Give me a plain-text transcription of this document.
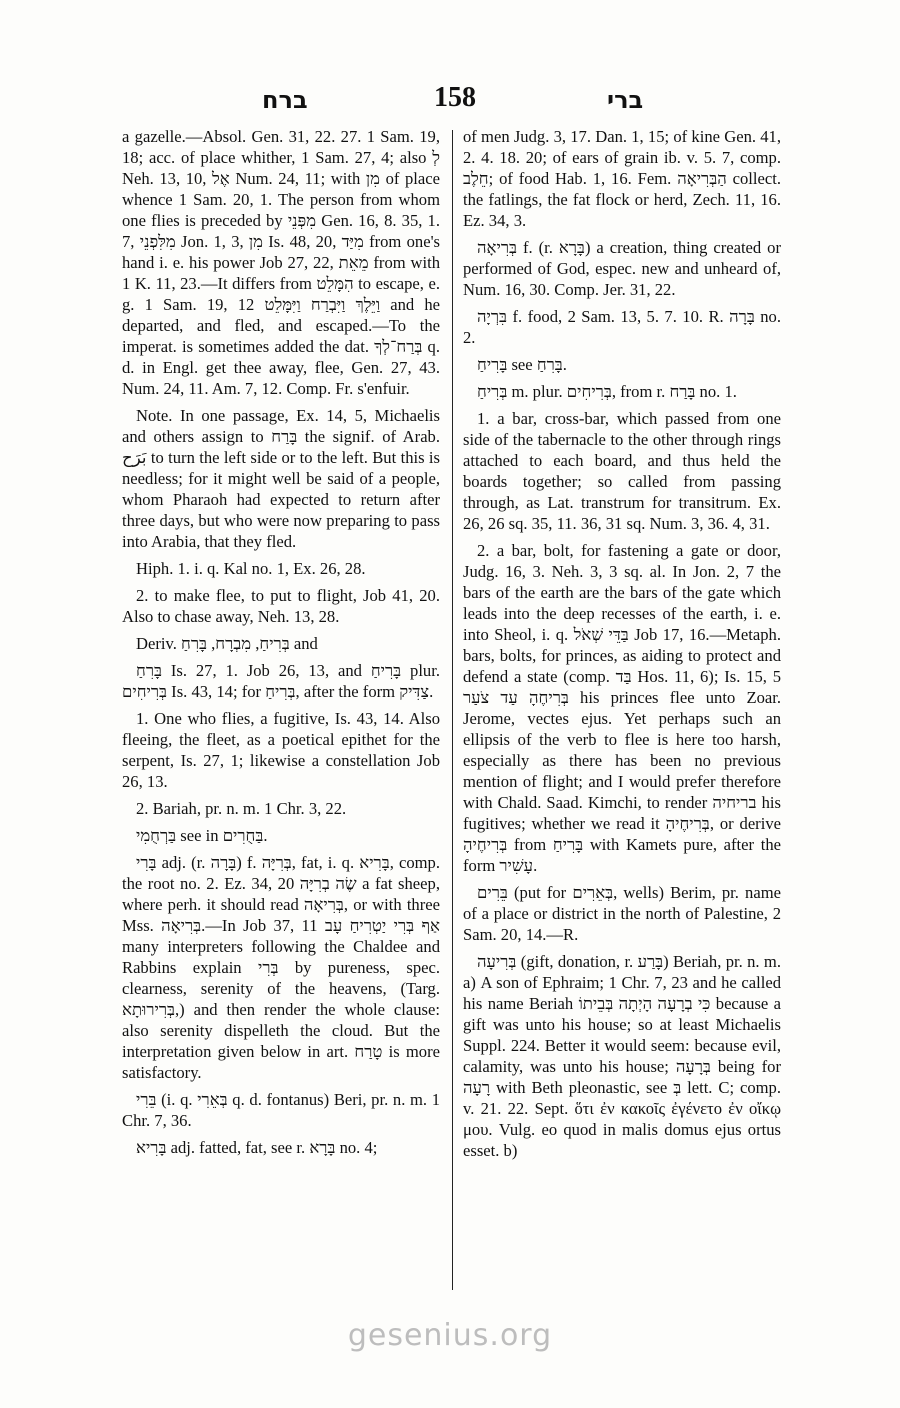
ברח	158	ברי

a gazelle.—Absol. Gen. 31, 22. 27. 1 Sam. 19, 18; acc. of place whither, 1 Sam. 27, 4; also לְ Neh. 13, 10, אֶל Num. 24, 11; with מִן of place whence 1 Sam. 20, 1. The person from whom one flies is preceded by מִפְּנֵי Gen. 16, 8. 35, 1. 7, מִלִּפְנֵי Jon. 1, 3, מִן Is. 48, 20, מִיַּד from one's hand i. e. his power Job 27, 22, מֵאֵת from with 1 K. 11, 23.—It differs from הִמָּלֵט to escape, e. g. 1 Sam. 19, 12 וַיֵּלֶךְ וַיִּבְרַח וַיִּמָּלֵט and he departed, and fled, and escaped.—To the imperat. is sometimes added the dat. בְּרַח־לְךָ q. d. in Engl. get thee away, flee, Gen. 27, 43. Num. 24, 11. Am. 7, 12. Comp. Fr. s'enfuir.

Note. In one passage, Ex. 14, 5, Michaelis and others assign to בָּרַח the signif. of Arab. بَرَح to turn the left side or to the left. But this is needless; for it might well be said of a people, whom Pharaoh had expected to return after three days, but who were now preparing to pass into Arabia, that they fled.

Hiph. 1. i. q. Kal no. 1, Ex. 26, 28.

2. to make flee, to put to flight, Job 41, 20. Also to chase away, Neh. 13, 28.

Deriv. בְּרִיחַ, מִבְרָח, בָּרִחַ and

בָּרִחַ Is. 27, 1. Job 26, 13, and בָּרִיחַ plur. בְּרִיחִים Is. 43, 14; for בְּרִיחַ, after the form צַדִּיק.

1. One who flies, a fugitive, Is. 43, 14. Also fleeing, the fleet, as a poetical epithet for the serpent, Is. 27, 1; likewise a constellation Job 26, 13.

2. Bariah, pr. n. m. 1 Chr. 3, 22.

בַּרְחֻמִי see in בַּחֻרִים.

בָּרִי adj. (r. בָּרָה) f. בְּרִיָּה, fat, i. q. בָּרִיא, comp. the root no. 2. Ez. 34, 20 שֶׂה בְרִיָּה a fat sheep, where perh. it should read בְּרִיאָה, or with three Mss. בְּרִיאָה.—In Job 37, 11 אַף בְּרִי יַטְרִיחַ עָב many interpreters following the Chaldee and Rabbins explain בְּרִי by pureness, spec. clearness, serenity of the heavens, (Targ. בְּרִירוּתָא,) and then render the whole clause: also serenity dispelleth the cloud. But the interpretation given below in art. טָרַח is more satisfactory.

בֵּרִי (i. q. בְּאֵרִי q. d. fontanus) Beri, pr. n. m. 1 Chr. 7, 36.

בָּרִיא adj. fatted, fat, see r. בָּרָא no. 4;

of men Judg. 3, 17. Dan. 1, 15; of kine Gen. 41, 2. 4. 18. 20; of ears of grain ib. v. 5. 7, comp. חֵלֶב; of food Hab. 1, 16. Fem. הַבְּרִיאָה collect. the fatlings, the fat flock or herd, Zech. 11, 16. Ez. 34, 3.

בְּרִיאָה f. (r. בָּרָא) a creation, thing created or performed of God, espec. new and unheard of, Num. 16, 30. Comp. Jer. 31, 22.

בִּרְיָה f. food, 2 Sam. 13, 5. 7. 10. R. בָּרָה no. 2.

בָּרִיחַ see בָּרִחַ.

בְּרִיחַ m. plur. בְּרִיחִים, from r. בָּרַח no. 1.

1. a bar, cross-bar, which passed from one side of the tabernacle to the other through rings attached to each board, and thus held the boards together; so called from passing through, as Lat. transtrum for transitrum. Ex. 26, 26 sq. 35, 11. 36, 31 sq. Num. 3, 36. 4, 31.

2. a bar, bolt, for fastening a gate or door, Judg. 16, 3. Neh. 3, 3 sq. al. In Jon. 2, 7 the bars of the earth are the bars of the gate which leads into the deep recesses of the earth, i. e. into Sheol, i. q. בַּדֵּי שְׁאֹל Job 17, 16.—Metaph. bars, bolts, for princes, as aiding to protect and defend a state (comp. בַּד Hos. 11, 6); Is. 15, 5 בְּרִיחֶהָ עַד צֹעַר his princes flee unto Zoar. Jerome, vectes ejus. Yet perhaps such an ellipsis of the verb to flee is here too harsh, especially as there has been no previous mention of flight; and I would prefer therefore with Chald. Saad. Kimchi, to render בריחיה his fugitives; whether we read it בְּרִיחֶיהָ, or derive בְּרִיחֶיהָ from בָּרִיחַ with Kamets pure, after the form עָשִׁיר.

בֵּרִים (put for בְּאֵרִים, wells) Berim, pr. name of a place or district in the north of Palestine, 2 Sam. 20, 14.—R.

בְּרִיעָה (gift, donation, r. בָּרַע) Beriah, pr. n. m. a) A son of Ephraim; 1 Chr. 7, 23 and he called his name Beriah כִּי בְרָעָה הָיְתָה בְּבֵיתוֹ because a gift was unto his house; so at least Michaelis Suppl. 224. Better it would seem: because evil, calamity, was unto his house; בְּרָעָה being for רָעָה with Beth pleonastic, see בְּ lett. C; comp. v. 21. 22. Sept. ὅτι ἐν κακοῖς ἐγένετο ἐν οἴκῳ μου. Vulg. eo quod in malis domus ejus ortus esset. b)

gesenius.org
